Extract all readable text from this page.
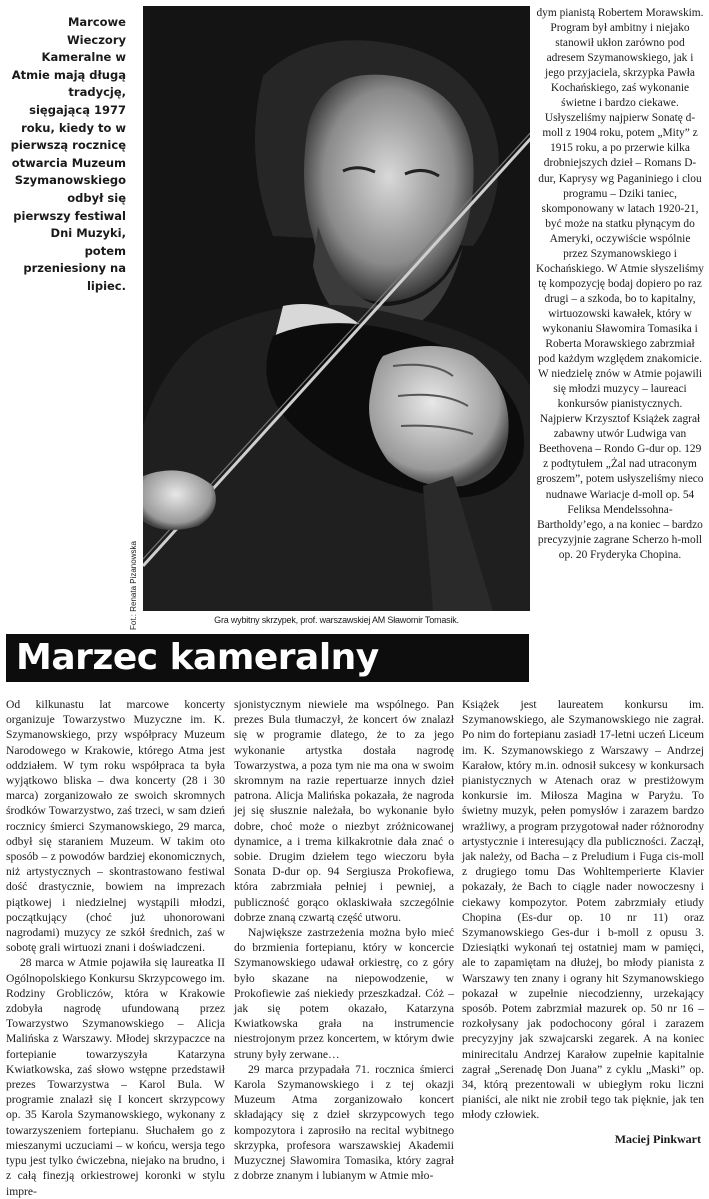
Marcowe Wieczory Kameralne w Atmie mają długą tradycję, sięgającą 1977 roku, kiedy to w pierwszą rocznicę otwarcia Muzeum Szymanowskiego odbył się pierwszy festiwal Dni Muzyki, potem przeniesiony na lipiec.

Fot.: Renata Pizanowska	Gra wybitny skrzypek, prof. warszawskiej AM Sławomir Tomasik.

dym pianistą Robertem Morawskim. Program był ambitny i niejako stanowił ukłon zarówno pod adresem Szymanowskiego, jak i jego przyjaciela, skrzypka Pawła Kochańskiego, zaś wykonanie świetne i bardzo ciekawe. Usłyszeliśmy najpierw Sonatę d-moll z 1904 roku, potem „Mity” z 1915 roku, a po przerwie kilka drobniejszych dzieł – Romans D-dur, Kaprysy wg Paganiniego i clou programu – Dziki taniec, skomponowany w latach 1920-21, być może na statku płynącym do Ameryki, oczywiście wspólnie przez Szymanowskiego i Kochańskiego. W Atmie słyszeliśmy tę kompozycję bodaj dopiero po raz drugi – a szkoda, bo to kapitalny, wirtuozowski kawałek, który w wykonaniu Sławomira Tomasika i Roberta Morawskiego zabrzmiał pod każdym względem znakomicie.

W niedzielę znów w Atmie pojawili się młodzi muzycy – laureaci konkursów pianistycznych. Najpierw Krzysztof Książek zagrał zabawny utwór Ludwiga van Beethovena – Rondo G-dur op. 129 z podtytułem „Żal nad utraconym groszem”, potem usłyszeliśmy nieco nudnawe Wariacje d-moll op. 54 Feliksa Mendelssohna-Bartholdy’ego, a na koniec – bardzo precyzyjnie zagrane Scherzo h-moll op. 20 Fryderyka Chopina.

Marzec kameralny

Od kilkunastu lat marcowe koncerty organizuje Towarzystwo Muzyczne im. K. Szymanowskiego, przy współpracy Muzeum Narodowego w Krakowie, którego Atma jest oddziałem. W tym roku współpraca ta była wyjątkowo bliska – dwa koncerty (28 i 30 marca) zorganizowało ze swoich skromnych środków Towarzystwo, zaś trzeci, w sam dzień rocznicy śmierci Szymanowskiego, 29 marca, odbył się staraniem Muzeum. W takim oto sposób – z powodów bardziej ekonomicznych, niż artystycznych – skontrastowano festiwal dość drastycznie, bowiem na imprezach piątkowej i niedzielnej wystąpili młodzi, początkujący (choć już uhonorowani nagrodami) muzycy ze szkół średnich, zaś w sobotę grali wirtuozi znani i doświadczeni.

28 marca w Atmie pojawiła się laureatka II Ogólnopolskiego Konkursu Skrzypcowego im. Rodziny Grobliczów, która w Krakowie zdobyła nagrodę ufundowaną przez Towarzystwo Szymanowskiego – Alicja Malińska z Warszawy. Młodej skrzypaczce na fortepianie towarzyszyła Katarzyna Kwiatkowska, zaś słowo wstępne przedstawił prezes Towarzystwa – Karol Bula. W programie znalazł się I koncert skrzypcowy op. 35 Karola Szymanowskiego, wykonany z towarzyszeniem fortepianu. Słuchałem go z mieszanymi uczuciami – w końcu, wersja tego typu jest tylko ćwiczebna, niejako na brudno, i z całą finezją orkiestrowej koronki w stylu impre-

sjonistycznym niewiele ma wspólnego. Pan prezes Bula tłumaczył, że koncert ów znalazł się w programie dlatego, że to za jego wykonanie artystka dostała nagrodę Towarzystwa, a poza tym nie ma ona w swoim skromnym na razie repertuarze innych dzieł patrona. Alicja Malińska pokazała, że nagroda jej się słusznie należała, bo wykonanie było dobre, choć może o niezbyt zróżnicowanej dynamice, a i trema kilkakrotnie dała znać o sobie. Drugim dziełem tego wieczoru była Sonata D-dur op. 94 Sergiusza Prokofiewa, która zabrzmiała pełniej i pewniej, a publiczność gorąco oklaskiwała szczególnie dobrze znaną czwartą część utworu.

Największe zastrzeżenia można było mieć do brzmienia fortepianu, który w koncercie Szymanowskiego udawał orkiestrę, co z góry było skazane na niepowodzenie, w Prokofiewie zaś niekiedy przeszkadzał. Cóż – jak się potem okazało, Katarzyna Kwiatkowska grała na instrumencie niestrojonym przez koncertem, w którym dwie struny były zerwane…

29 marca przypadała 71. rocznica śmierci Karola Szymanowskiego i z tej okazji Muzeum Atma zorganizowało koncert składający się z dzieł skrzypcowych tego kompozytora i zaprosiło na recital wybitnego skrzypka, profesora warszawskiej Akademii Muzycznej Sławomira Tomasika, który zagrał z dobrze znanym i lubianym w Atmie mło-

Książek jest laureatem konkursu im. Szymanowskiego, ale Szymanowskiego nie zagrał. Po nim do fortepianu zasiadł 17-letni uczeń Liceum im. K. Szymanowskiego z Warszawy – Andrzej Karałow, który m.in. odnosił sukcesy w konkursach pianistycznych w Atenach oraz w prestiżowym konkursie im. Miłosza Magina w Paryżu. To świetny muzyk, pełen pomysłów i zarazem bardzo wrażliwy, a program przygotował nader różnorodny artystycznie i interesujący dla publiczności. Zaczął, jak należy, od Bacha – z Preludium i Fuga cis-moll z drugiego tomu Das Wohltemperierte Klavier pokazały, że Bach to ciągle nader nowoczesny i ciekawy kompozytor. Potem zabrzmiały etiudy Chopina (Es-dur op. 10 nr 11) oraz Szymanowskiego Ges-dur i b-moll z opusu 3. Dziesiątki wykonań tej ostatniej mam w pamięci, ale to zapamiętam na dłużej, bo młody pianista z Warszawy ten znany i ograny hit Szymanowskiego pokazał w zupełnie niecodzienny, urzekający sposób. Potem zabrzmiał mazurek op. 50 nr 16 – rozkołysany jak podochocony góral i zarazem precyzyjny jak szwajcarski zegarek. A na koniec minirecitalu Andrzej Karałow zupełnie kapitalnie zagrał „Serenadę Don Juana” z cyklu „Maski” op. 34, którą prezentowali w ubiegłym roku liczni pianiści, ale nikt nie zrobił tego tak pięknie, jak ten młody człowiek.

Maciej Pinkwart
